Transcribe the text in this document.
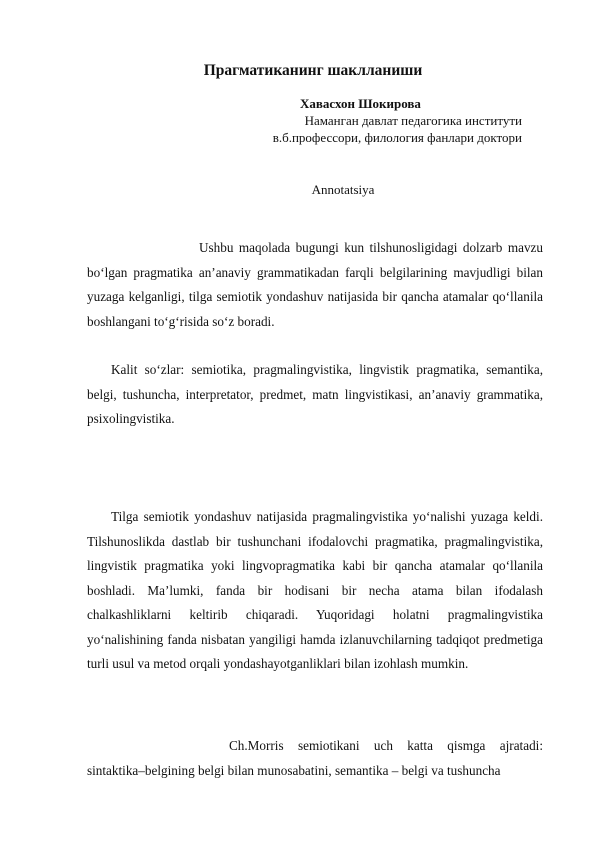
Прагматиканинг шаклланиши
Хавасхон Шокирова
Наманган давлат педагогика институти
в.б.профессори, филология фанлари доктори
Annotatsiya
Ushbu maqolada bugungi kun tilshunosligidagi dolzarb mavzu bo‘lgan pragmatika an’anaviy grammatikadan farqli belgilarining mavjudligi bilan yuzaga kelganligi, tilga semiotik yondashuv natijasida bir qancha atamalar qo‘llanila boshlangani to‘g‘risida so‘z boradi.
Kalit so‘zlar: semiotika, pragmalingvistika, lingvistik pragmatika, semantika, belgi, tushuncha, interpretator, predmet, matn lingvistikasi, an’anaviy grammatika, psixolingvistika.
Tilga semiotik yondashuv natijasida pragmalingvistika yo‘nalishi yuzaga keldi. Tilshunoslikda dastlab bir tushunchani ifodalovchi pragmatika, pragmalingvistika, lingvistik pragmatika yoki lingvopragmatika kabi bir qancha atamalar qo‘llanila boshladi. Ma’lumki, fanda bir hodisani bir necha atama bilan ifodalash chalkashliklarni keltirib chiqaradi. Yuqoridagi holatni pragmalingvistika yo‘nalishining fanda nisbatan yangiligi hamda izlanuvchilarning tadqiqot predmetiga turli usul va metod orqali yondashayotganliklari bilan izohlash mumkin.
Ch.Morris semiotikani uch katta qismga ajratadi: sintaktika–belgining belgi bilan munosabatini, semantika – belgi va tushuncha
